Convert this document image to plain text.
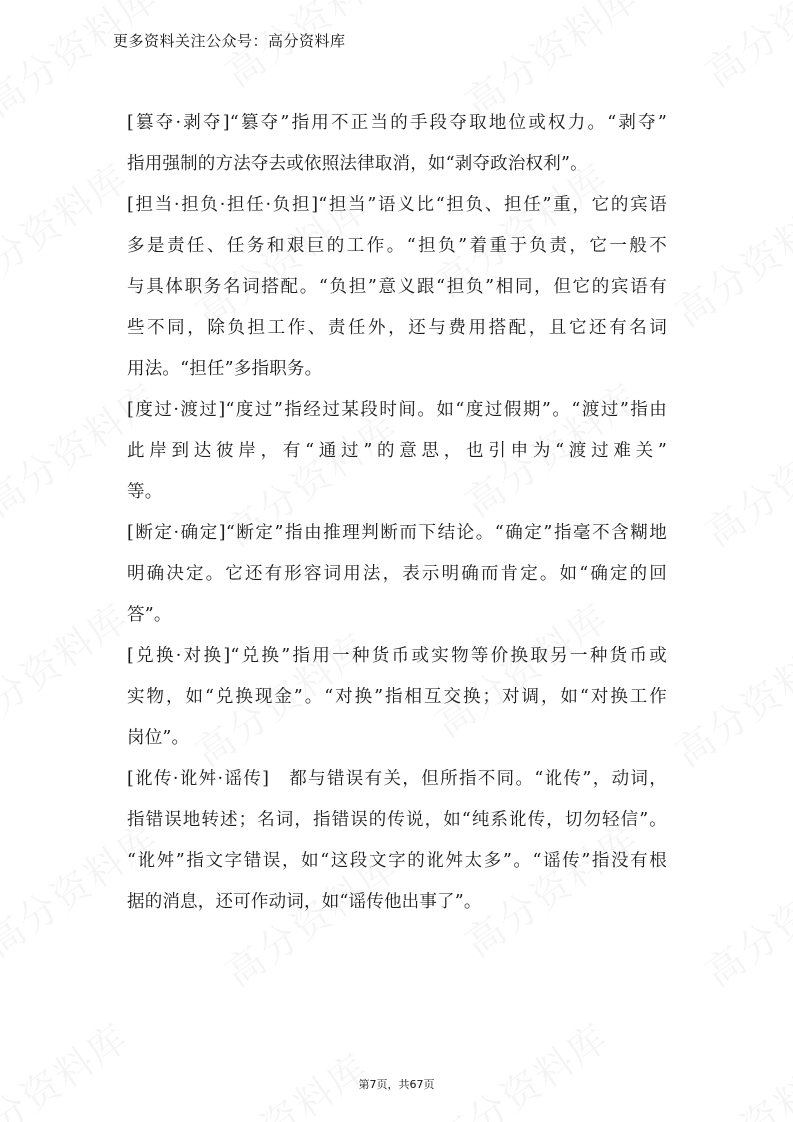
更多资料关注公众号：高分资料库
[篡夺·剥夺]“篡夺”指用不正当的手段夺取地位或权力。“剥夺”
指用强制的方法夺去或依照法律取消，如“剥夺政治权利”。
[担当·担负·担任·负担]“担当”语义比“担负、担任”重，它的宾语
多是责任、任务和艰巨的工作。“担负”着重于负责，它一般不
与具体职务名词搭配。“负担”意义跟“担负”相同，但它的宾语有
些不同，除负担工作、责任外，还与费用搭配，且它还有名词
用法。“担任”多指职务。
[度过·渡过]“度过”指经过某段时间。如“度过假期”。“渡过”指由
此岸到达彼岸，有“通过”的意思，也引申为“渡过难关”
等。
[断定·确定]“断定”指由推理判断而下结论。“确定”指毫不含糊地
明确决定。它还有形容词用法，表示明确而肯定。如“确定的回
答”。
[兑换·对换]“兑换”指用一种货币或实物等价换取另一种货币或
实物，如“兑换现金”。“对换”指相互交换；对调，如“对换工作
岗位”。
[讹传·讹舛·谣传]　都与错误有关，但所指不同。“讹传”，动词，
指错误地转述；名词，指错误的传说，如“纯系讹传，切勿轻信”。
“讹舛”指文字错误，如“这段文字的讹舛太多”。“谣传”指没有根
据的消息，还可作动词，如“谣传他出事了”。
第7页，共67页
